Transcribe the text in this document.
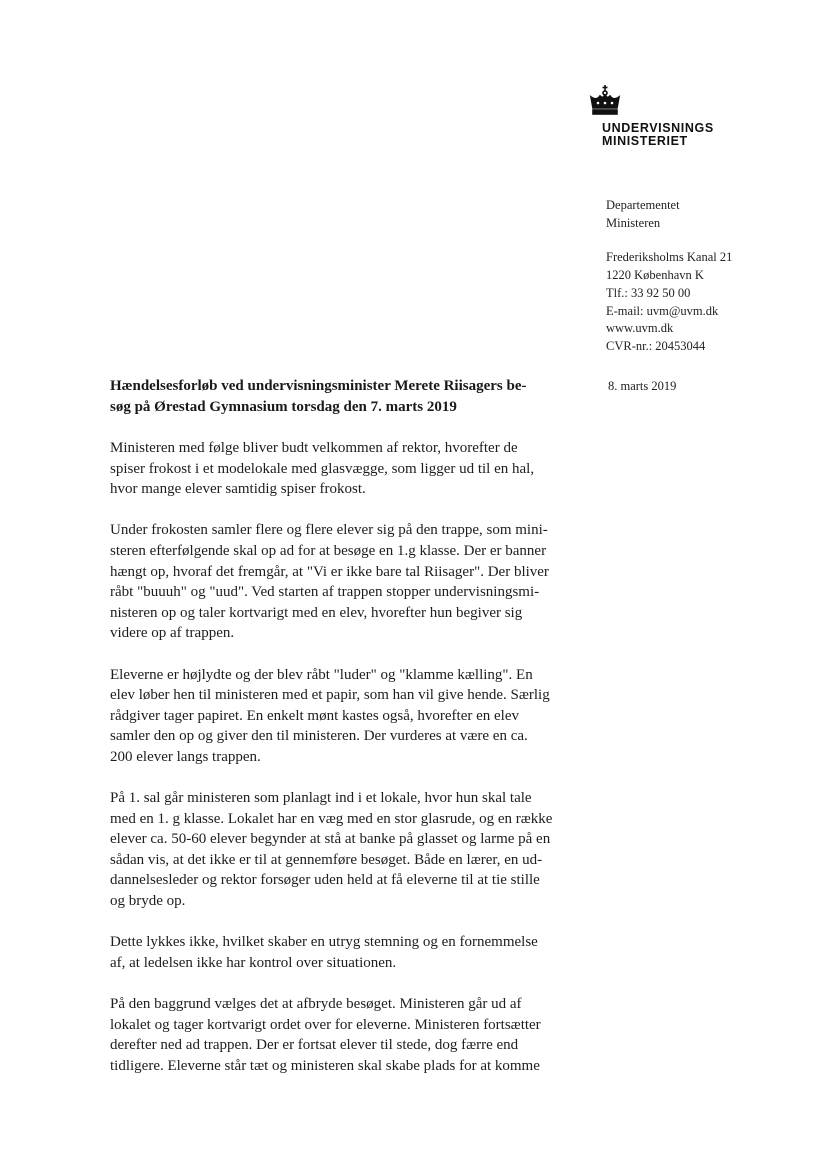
UNDERVISNINGS
MINISTERIET
Departementet
Ministeren
Frederiksholms Kanal 21
1220 København K
Tlf.: 33 92 50 00
E-mail: uvm@uvm.dk
www.uvm.dk
CVR-nr.: 20453044
8. marts 2019
Hændelsesforløb ved undervisningsminister Merete Riisagers be-
søg på Ørestad Gymnasium torsdag den 7. marts 2019
Ministeren med følge bliver budt velkommen af rektor, hvorefter de
spiser frokost i et modelokale med glasvægge, som ligger ud til en hal,
hvor mange elever samtidig spiser frokost.
Under frokosten samler flere og flere elever sig på den trappe, som mini-
steren efterfølgende skal op ad for at besøge en 1.g klasse. Der er banner
hængt op, hvoraf det fremgår, at "Vi er ikke bare tal Riisager". Der bliver
råbt "buuuh" og "uud". Ved starten af trappen stopper undervisningsmi-
nisteren op og taler kortvarigt med en elev, hvorefter hun begiver sig
videre op af trappen.
Eleverne er højlydte og der blev råbt "luder" og "klamme kælling". En
elev løber hen til ministeren med et papir, som han vil give hende. Særlig
rådgiver tager papiret. En enkelt mønt kastes også, hvorefter en elev
samler den op og giver den til ministeren. Der vurderes at være en ca.
200 elever langs trappen.
På 1. sal går ministeren som planlagt ind i et lokale, hvor hun skal tale
med en 1. g klasse. Lokalet har en væg med en stor glasrude, og en række
elever ca. 50-60 elever begynder at stå at banke på glasset og larme på en
sådan vis, at det ikke er til at gennemføre besøget. Både en lærer, en ud-
dannelsesleder og rektor forsøger uden held at få eleverne til at tie stille
og bryde op.
Dette lykkes ikke, hvilket skaber en utryg stemning og en fornemmelse
af, at ledelsen ikke har kontrol over situationen.
På den baggrund vælges det at afbryde besøget. Ministeren går ud af
lokalet og tager kortvarigt ordet over for eleverne. Ministeren fortsætter
derefter ned ad trappen. Der er fortsat elever til stede, dog færre end
tidligere. Eleverne står tæt og ministeren skal skabe plads for at komme
